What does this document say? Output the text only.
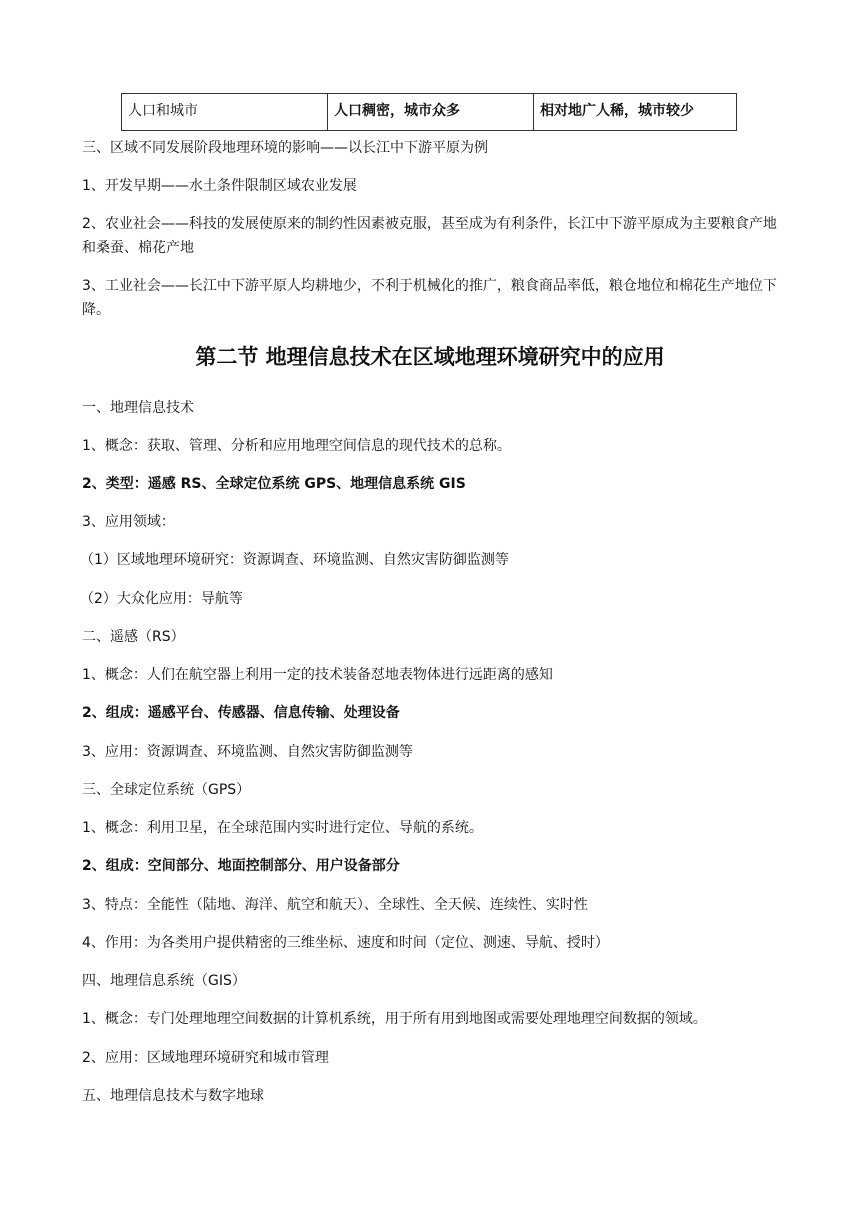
人口和城市	人口稠密，城市众多	相对地广人稀，城市较少

三、区域不同发展阶段地理环境的影响——以长江中下游平原为例

1、开发早期——水土条件限制区域农业发展

2、农业社会——科技的发展使原来的制约性因素被克服，甚至成为有利条件，长江中下游平原成为主要粮食产地和桑蚕、棉花产地

3、工业社会——长江中下游平原人均耕地少，不利于机械化的推广，粮食商品率低，粮仓地位和棉花生产地位下降。

第二节 地理信息技术在区域地理环境研究中的应用

一、地理信息技术

1、概念：获取、管理、分析和应用地理空间信息的现代技术的总称。

2、类型：遥感 RS、全球定位系统 GPS、地理信息系统 GIS

3、应用领域：

（1）区域地理环境研究：资源调查、环境监测、自然灾害防御监测等

（2）大众化应用：导航等

二、遥感（RS）

1、概念：人们在航空器上利用一定的技术装备怼地表物体进行远距离的感知

2、组成：遥感平台、传感器、信息传输、处理设备

3、应用：资源调查、环境监测、自然灾害防御监测等

三、全球定位系统（GPS）

1、概念：利用卫星，在全球范围内实时进行定位、导航的系统。

2、组成：空间部分、地面控制部分、用户设备部分

3、特点：全能性（陆地、海洋、航空和航天）、全球性、全天候、连续性、实时性

4、作用：为各类用户提供精密的三维坐标、速度和时间（定位、测速、导航、授时）

四、地理信息系统（GIS）

1、概念：专门处理地理空间数据的计算机系统，用于所有用到地图或需要处理地理空间数据的领域。

2、应用：区域地理环境研究和城市管理

五、地理信息技术与数字地球
